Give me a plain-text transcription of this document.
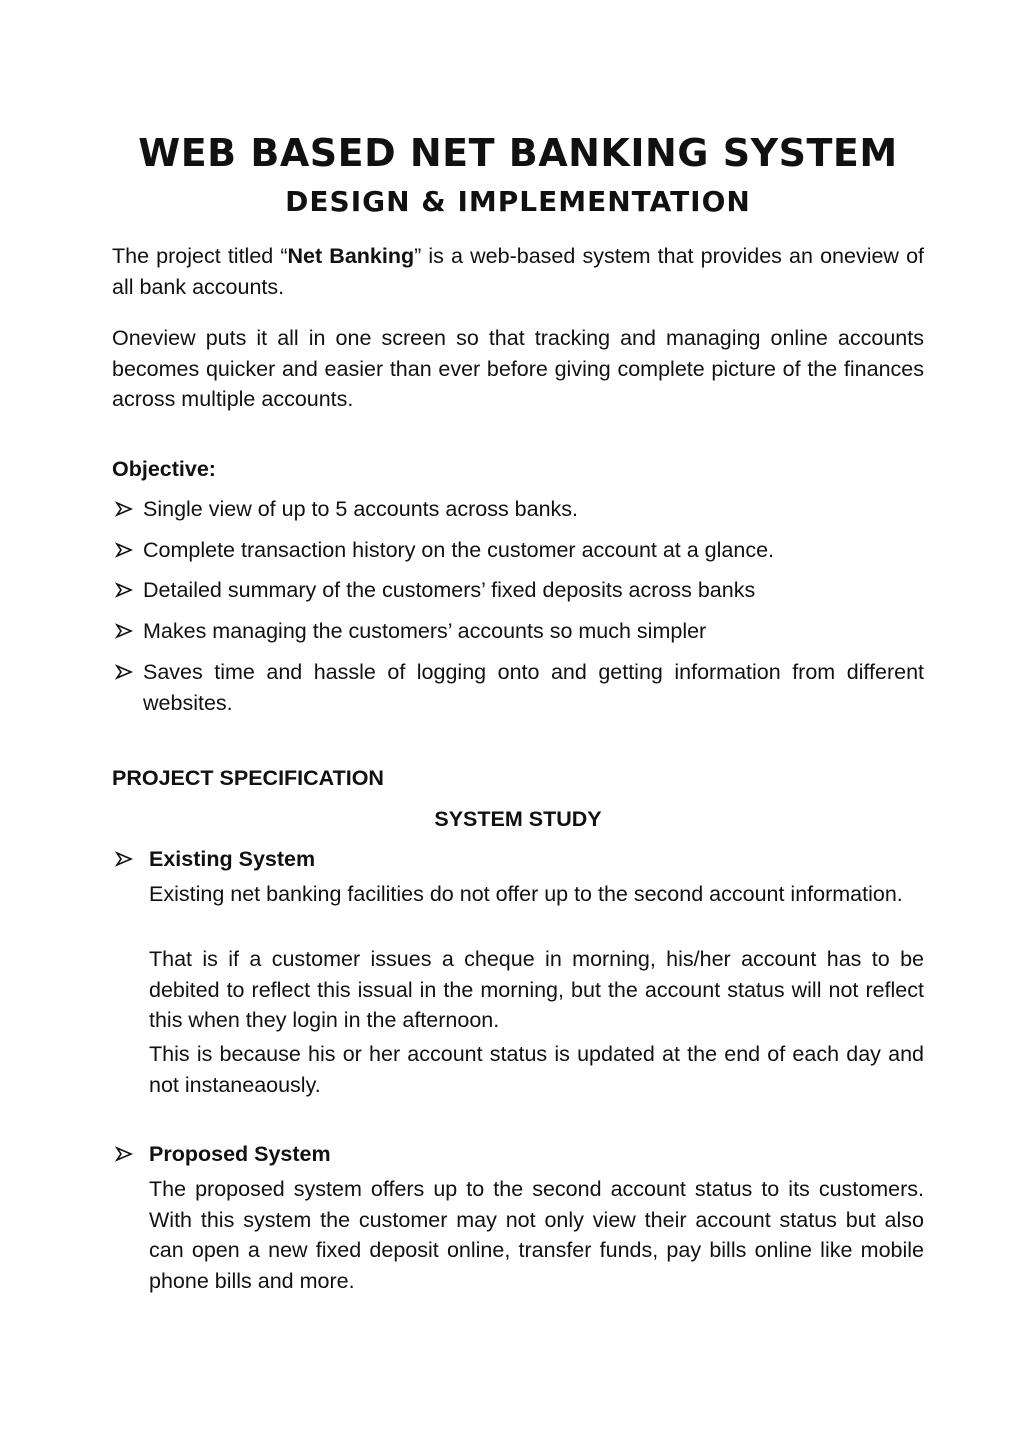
WEB BASED NET BANKING SYSTEM
DESIGN & IMPLEMENTATION

The project titled “Net Banking” is a web-based system that provides an oneview of all bank accounts.

Oneview puts it all in one screen so that tracking and managing online accounts becomes quicker and easier than ever before giving complete picture of the finances across multiple accounts.

Objective:
Single view of up to 5 accounts across banks.
Complete transaction history on the customer account at a glance.
Detailed summary of the customers’ fixed deposits across banks
Makes managing the customers’ accounts so much simpler
Saves time and hassle of logging onto and getting information from different websites.
PROJECT SPECIFICATION
SYSTEM STUDY
Existing System

Existing net banking facilities do not offer up to the second account information.

That is if a customer issues a cheque in morning, his/her account has to be debited to reflect this issual in the morning, but the account status will not reflect this when they login in the afternoon.

This is because his or her account status is updated at the end of each day and not instaneaously.

Proposed System

The proposed system offers up to the second account status to its customers. With this system the customer may not only view their account status but also can open a new fixed deposit online, transfer funds, pay bills online like mobile phone bills and more.
